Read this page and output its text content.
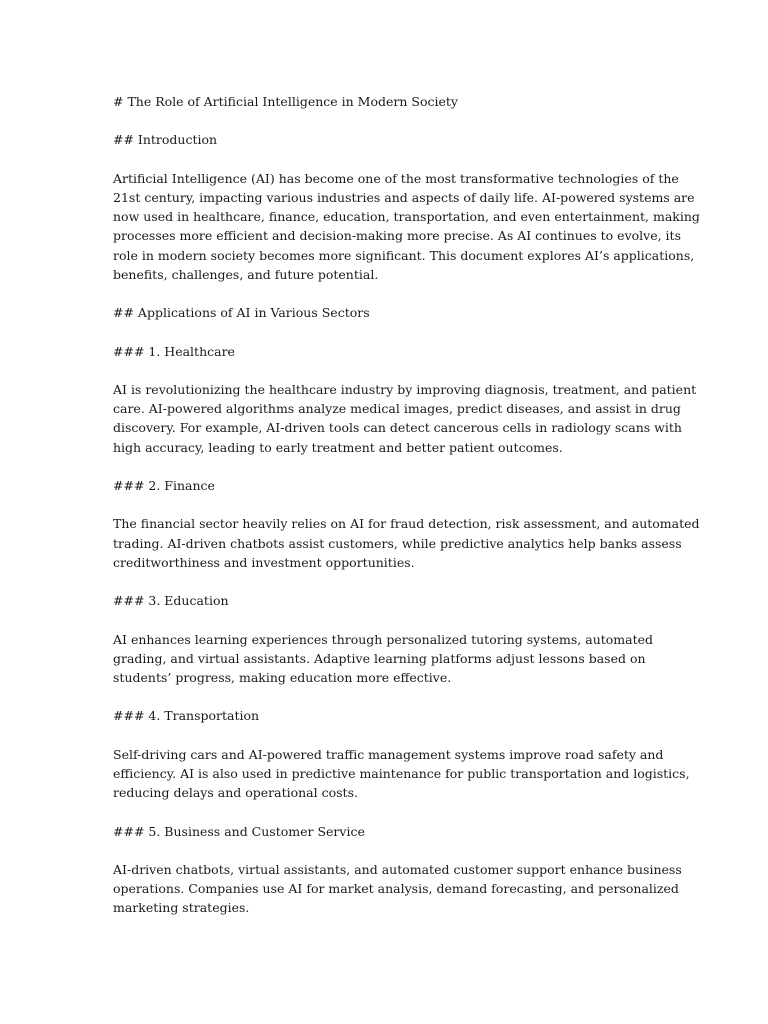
# The Role of Artificial Intelligence in Modern Society

## Introduction

Artificial Intelligence (AI) has become one of the most transformative technologies of the
21st century, impacting various industries and aspects of daily life. AI-powered systems are
now used in healthcare, finance, education, transportation, and even entertainment, making
processes more efficient and decision-making more precise. As AI continues to evolve, its
role in modern society becomes more significant. This document explores AI’s applications,
benefits, challenges, and future potential.

## Applications of AI in Various Sectors

### 1. Healthcare

AI is revolutionizing the healthcare industry by improving diagnosis, treatment, and patient
care. AI-powered algorithms analyze medical images, predict diseases, and assist in drug
discovery. For example, AI-driven tools can detect cancerous cells in radiology scans with
high accuracy, leading to early treatment and better patient outcomes.

### 2. Finance

The financial sector heavily relies on AI for fraud detection, risk assessment, and automated
trading. AI-driven chatbots assist customers, while predictive analytics help banks assess
creditworthiness and investment opportunities.

### 3. Education

AI enhances learning experiences through personalized tutoring systems, automated
grading, and virtual assistants. Adaptive learning platforms adjust lessons based on
students’ progress, making education more effective.

### 4. Transportation

Self-driving cars and AI-powered traffic management systems improve road safety and
efficiency. AI is also used in predictive maintenance for public transportation and logistics,
reducing delays and operational costs.

### 5. Business and Customer Service

AI-driven chatbots, virtual assistants, and automated customer support enhance business
operations. Companies use AI for market analysis, demand forecasting, and personalized
marketing strategies.
